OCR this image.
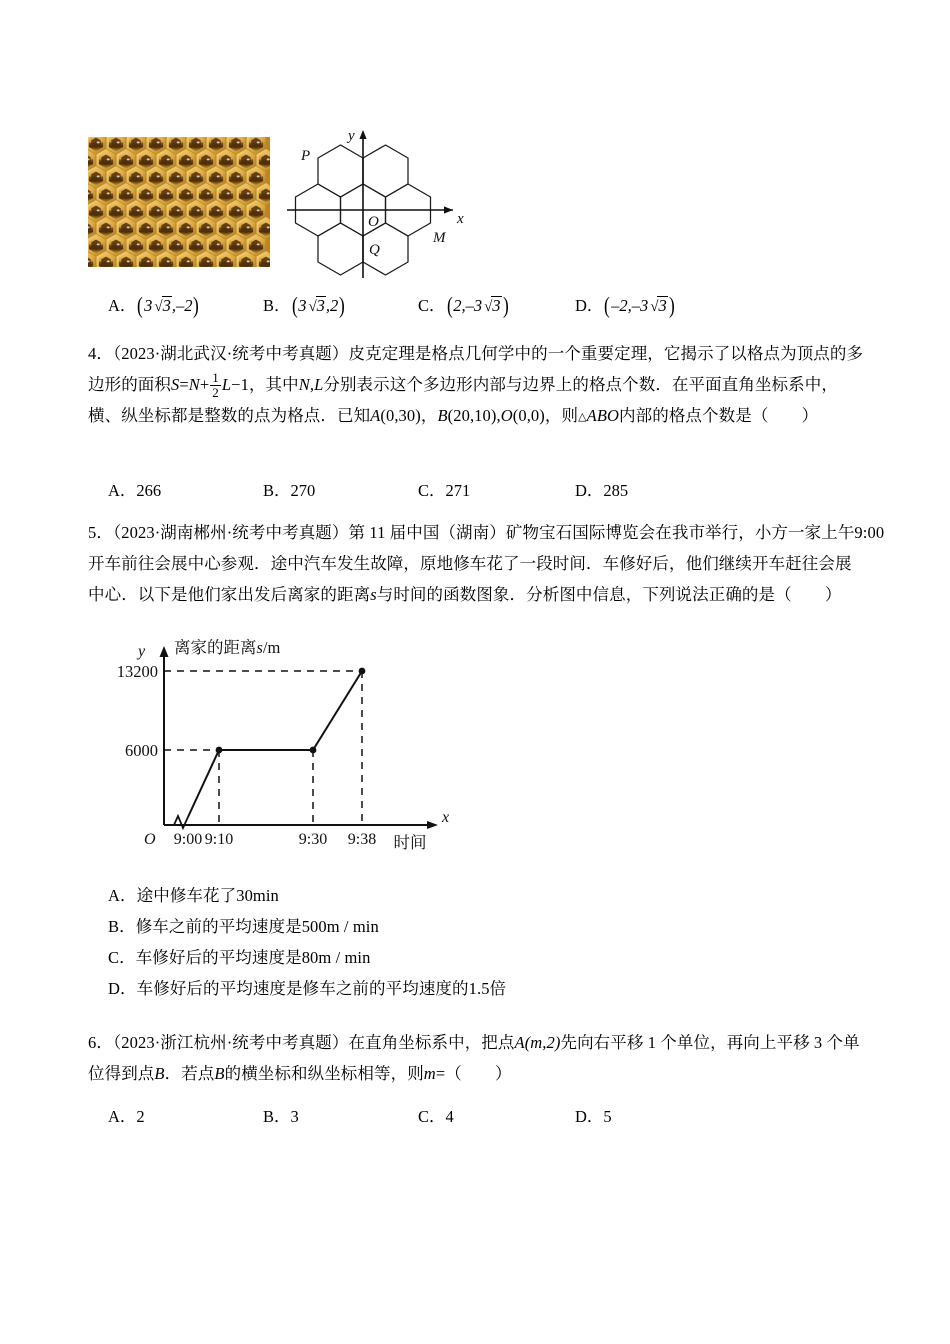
x
y
O
P
Q
M
A．(3 √3,–2)	B．(3 √3,2)	C．(2,–3 √3)	D．(–2,–3 √3)
4．（2023·湖北武汉·统考中考真题）皮克定理是格点几何学中的一个重要定理，它揭示了以格点为顶点的多
边形的面积$S=N+ \frac{1}{2} L-1$，其中N,L分别表示这个多边形内部与边界上的格点个数．在平面直角坐标系中，
横、纵坐标都是整数的点为格点．已知A(0,30)，B(20,10),O(0,0)，则△ABO内部的格点个数是（　　）
A．266	B．270	C．271	D．285
5．（2023·湖南郴州·统考中考真题）第 11 届中国（湖南）矿物宝石国际博览会在我市举行，小方一家上午9:00
开车前往会展中心参观．途中汽车发生故障，原地修车花了一段时间．车修好后，他们继续开车赶往会展
中心．以下是他们家出发后离家的距离s与时间的函数图象．分析图中信息，下列说法正确的是（　　）
13200
6000
y
x
O
离家的距离s/m
9:00 9:10	9:30 9:38 时间
A．途中修车花了30min
B．修车之前的平均速度是500m / min
C．车修好后的平均速度是80m / min
D．车修好后的平均速度是修车之前的平均速度的1.5倍
6．（2023·浙江杭州·统考中考真题）在直角坐标系中，把点A(m,2)先向右平移 1 个单位，再向上平移 3 个单
位得到点B．若点B的横坐标和纵坐标相等，则m=（　　）
A．2	B．3	C．4	D．5
